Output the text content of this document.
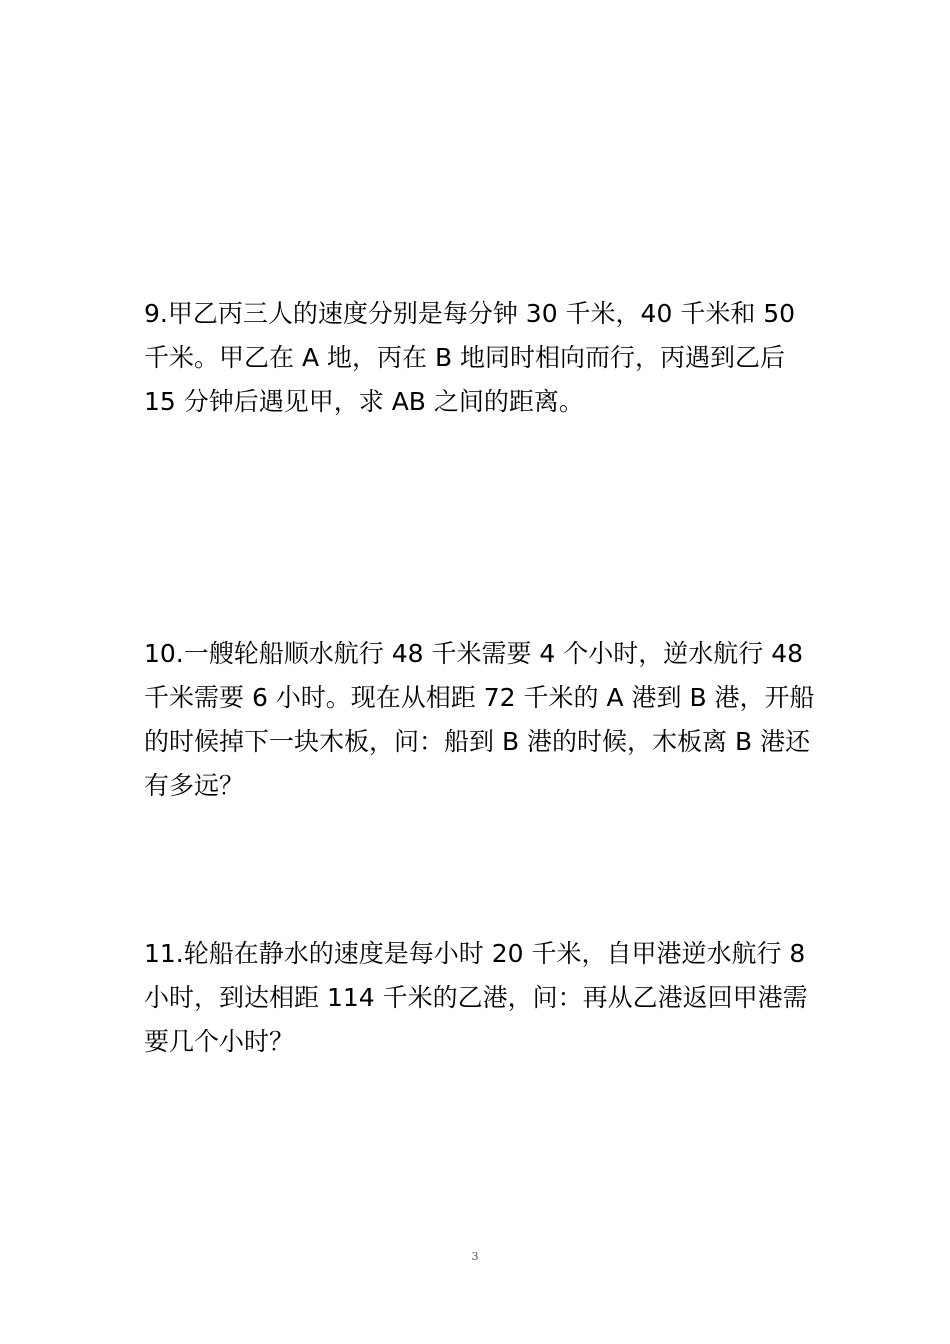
9.甲乙丙三人的速度分别是每分钟 30 千米，40 千米和 50
千米。甲乙在 A 地，丙在 B 地同时相向而行，丙遇到乙后
15 分钟后遇见甲，求 AB 之间的距离。

10.一艘轮船顺水航行 48 千米需要 4 个小时，逆水航行 48
千米需要 6 小时。现在从相距 72 千米的 A 港到 B 港，开船
的时候掉下一块木板，问：船到 B 港的时候，木板离 B 港还
有多远？

11.轮船在静水的速度是每小时 20 千米，自甲港逆水航行 8
小时，到达相距 114 千米的乙港，问：再从乙港返回甲港需
要几个小时？

3
